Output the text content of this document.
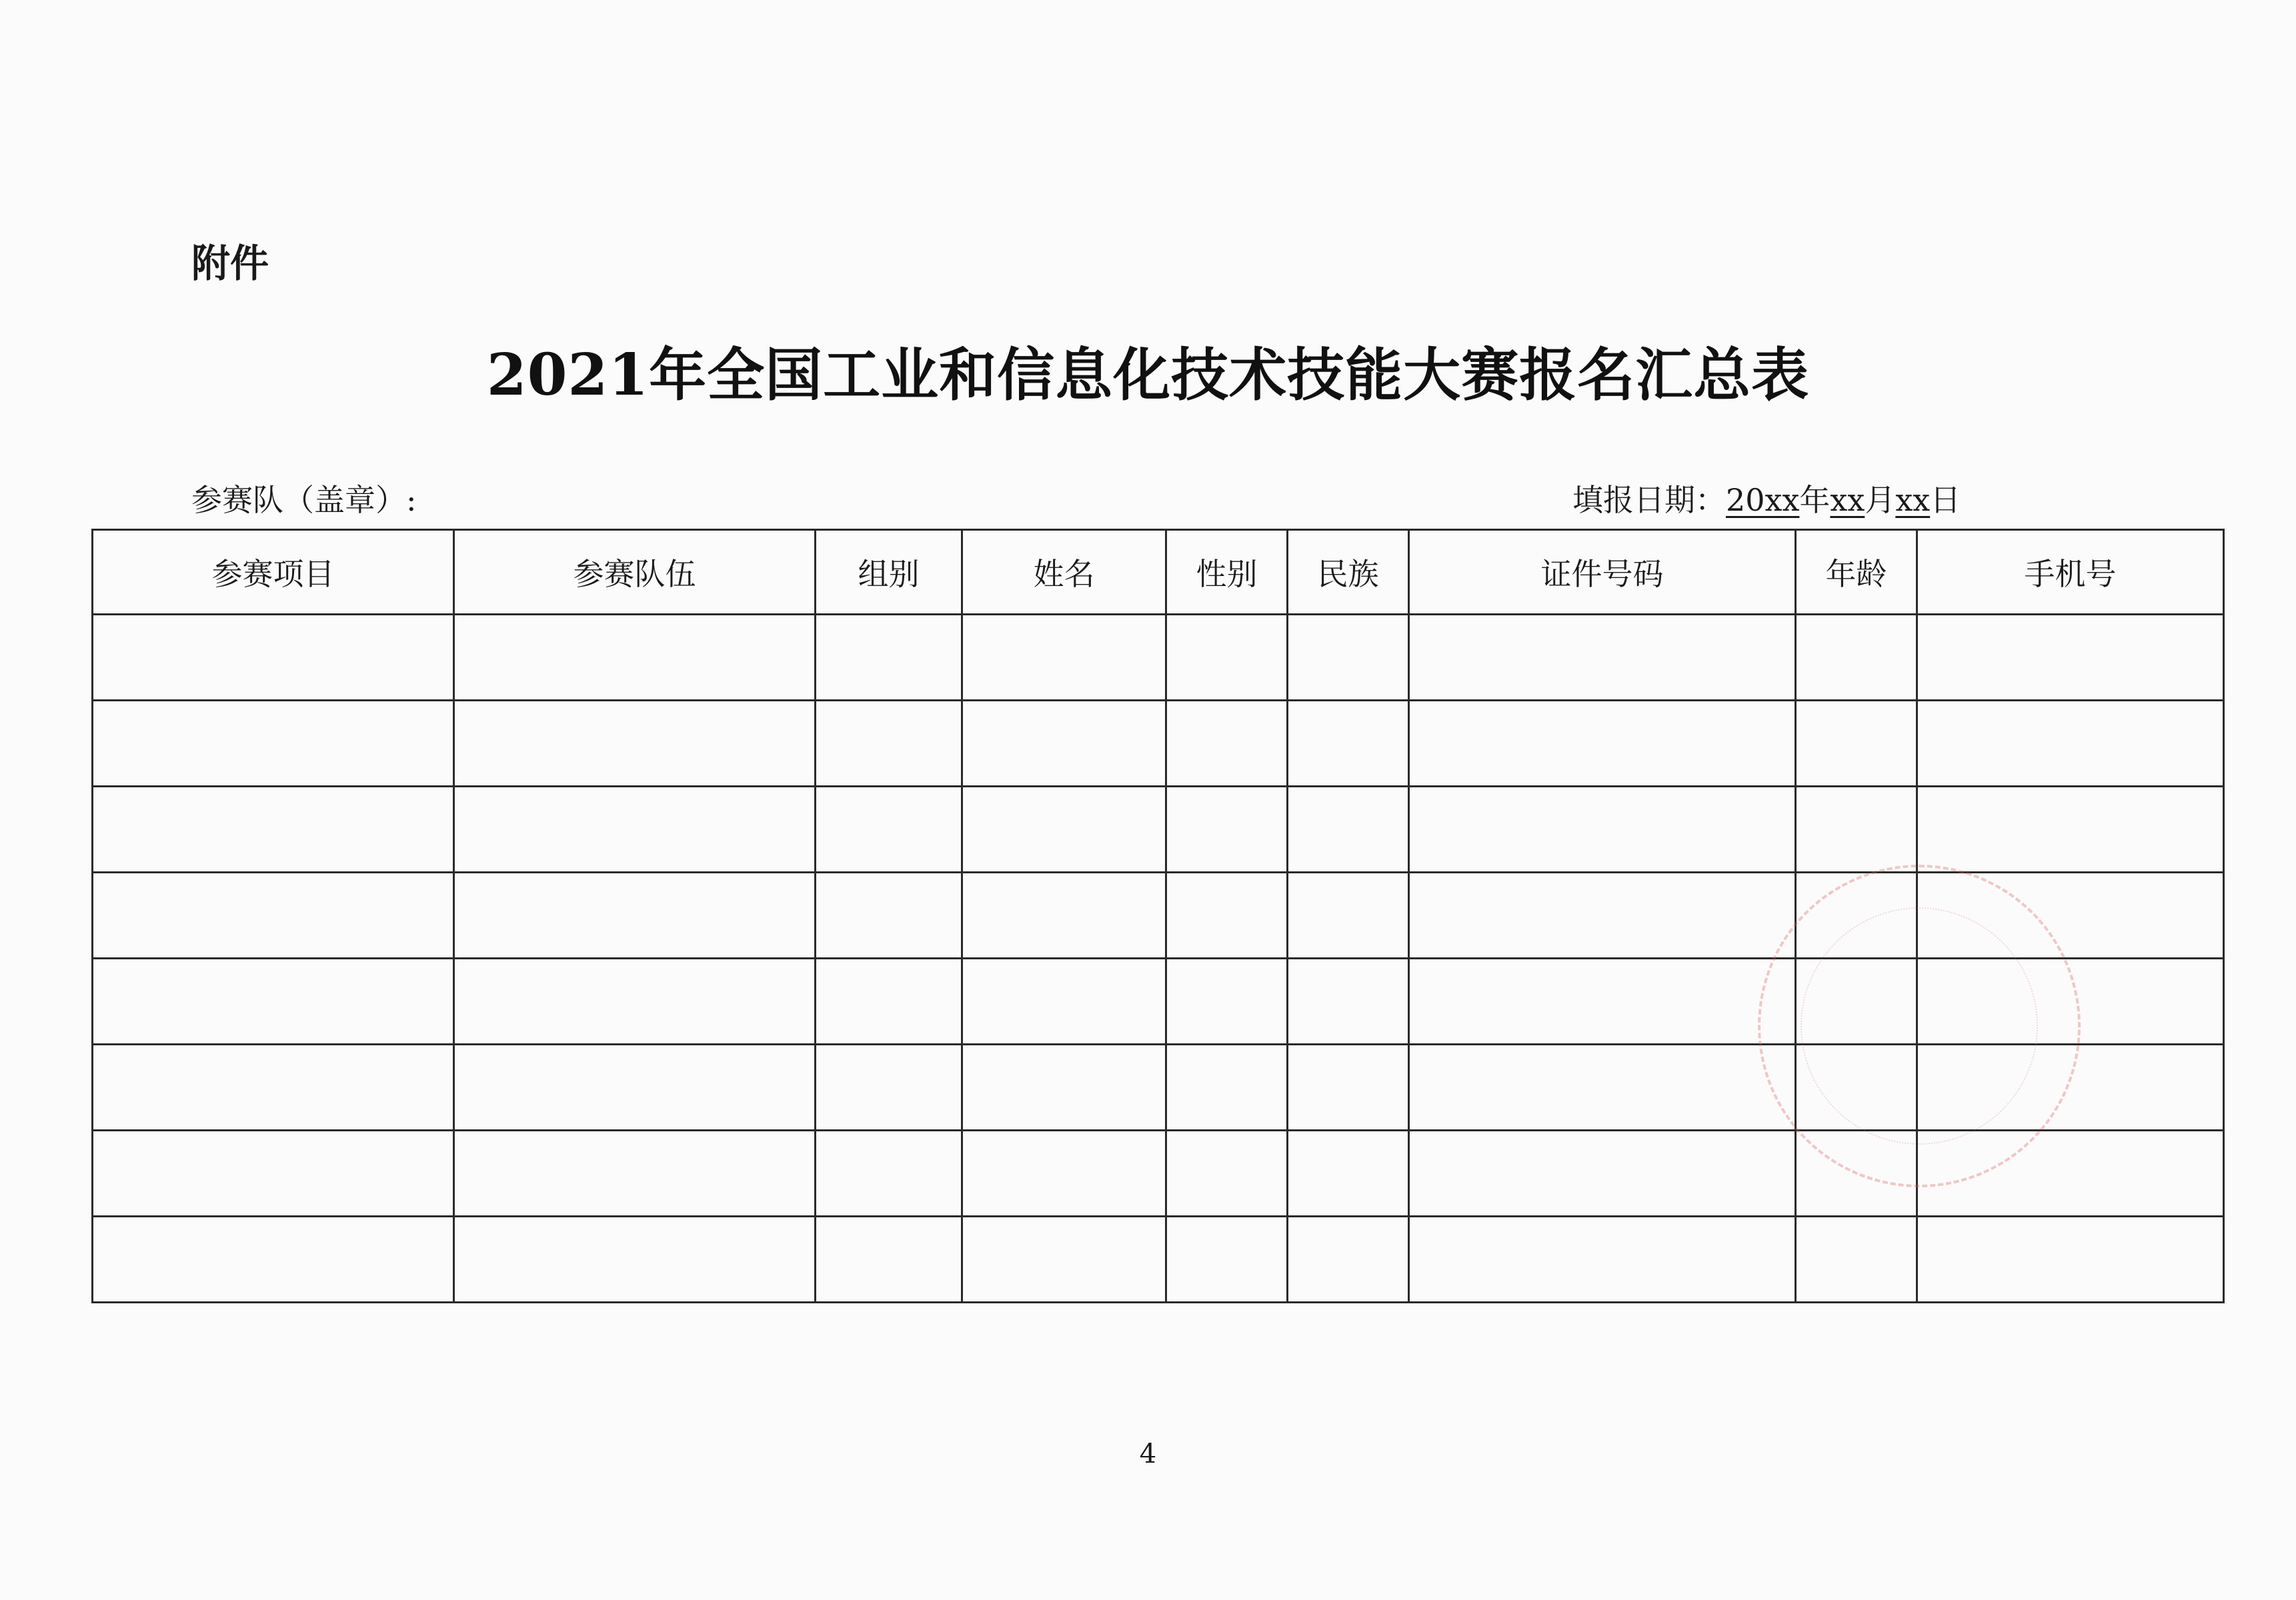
附件
2021年全国工业和信息化技术技能大赛报名汇总表
参赛队（盖章）:	填报日期：20xx年xx月xx日
参赛项目	参赛队伍	组别	姓名	性别	民族	证件号码	年龄	手机号

4
